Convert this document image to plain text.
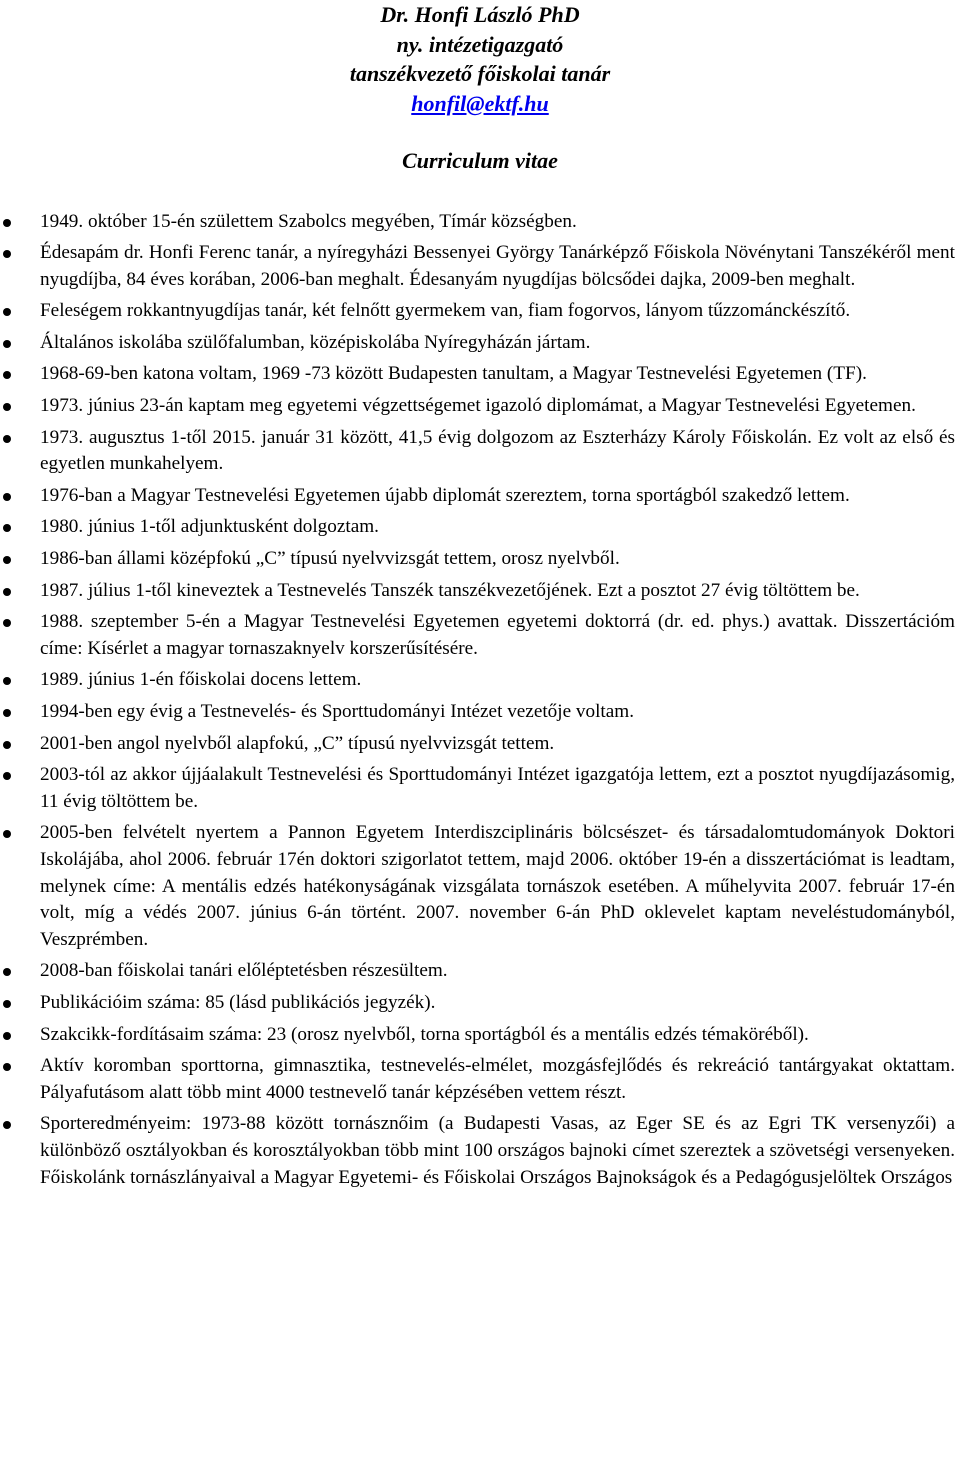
Dr. Honfi László PhD
ny. intézetigazgató
tanszékvezető főiskolai tanár
honfil@ektf.hu
Curriculum vitae
1949. október 15-én születtem Szabolcs megyében, Tímár községben.
Édesapám dr. Honfi Ferenc tanár, a nyíregyházi Bessenyei György Tanárképző Főiskola Növénytani Tanszékéről ment nyugdíjba, 84 éves korában, 2006-ban meghalt. Édesanyám nyugdíjas bölcsődei dajka, 2009-ben meghalt.
Feleségem rokkantnyugdíjas tanár, két felnőtt gyermekem van, fiam fogorvos, lányom tűzzománckészítő.
Általános iskolába szülőfalumban, középiskolába Nyíregyházán jártam.
1968-69-ben katona voltam, 1969 -73 között Budapesten tanultam, a Magyar Testnevelési Egyetemen (TF).
1973. június 23-án kaptam meg egyetemi végzettségemet igazoló diplomámat, a Magyar Testnevelési Egyetemen.
1973. augusztus 1-től 2015. január 31 között, 41,5 évig dolgozom az Eszterházy Károly Főiskolán. Ez volt az első és egyetlen munkahelyem.
1976-ban a Magyar Testnevelési Egyetemen újabb diplomát szereztem, torna sportágból szakedző lettem.
1980. június 1-től adjunktusként dolgoztam.
1986-ban állami középfokú „C” típusú nyelvvizsgát tettem, orosz nyelvből.
1987. július 1-től kineveztek a Testnevelés Tanszék tanszékvezetőjének. Ezt a posztot 27 évig töltöttem be.
1988. szeptember 5-én a Magyar Testnevelési Egyetemen egyetemi doktorrá (dr. ed. phys.) avattak. Disszertációm címe: Kísérlet a magyar tornaszaknyelv korszerűsítésére.
1989. június 1-én főiskolai docens lettem.
1994-ben egy évig a Testnevelés- és Sporttudományi Intézet vezetője voltam.
2001-ben angol nyelvből alapfokú, „C” típusú nyelvvizsgát tettem.
2003-tól az akkor újjáalakult Testnevelési és Sporttudományi Intézet igazgatója lettem, ezt a posztot nyugdíjazásomig, 11 évig töltöttem be.
2005-ben felvételt nyertem a Pannon Egyetem Interdiszciplináris bölcsészet- és társadalomtudományok Doktori Iskolájába, ahol 2006. február 17én doktori szigorlatot tettem, majd 2006. október 19-én a disszertációmat is leadtam, melynek címe: A mentális edzés hatékonyságának vizsgálata tornászok esetében. A műhelyvita 2007. február 17-én volt, míg a védés 2007. június 6-án történt. 2007. november 6-án PhD oklevelet kaptam neveléstudományból, Veszprémben.
2008-ban főiskolai tanári előléptetésben részesültem.
Publikációim száma: 85 (lásd publikációs jegyzék).
Szakcikk-fordításaim száma: 23 (orosz nyelvből, torna sportágból és a mentális edzés témaköréből).
Aktív koromban sporttorna, gimnasztika, testnevelés-elmélet, mozgásfejlődés és rekreáció tantárgyakat oktattam. Pályafutásom alatt több mint 4000 testnevelő tanár képzésében vettem részt.
Sporteredményeim: 1973-88 között tornásznőim (a Budapesti Vasas, az Eger SE és az Egri TK versenyzői) a különböző osztályokban és korosztályokban több mint 100 országos bajnoki címet szereztek a szövetségi versenyeken. Főiskolánk tornászlányaival a Magyar Egyetemi- és Főiskolai Országos Bajnokságok és a Pedagógusjelöltek Országos
